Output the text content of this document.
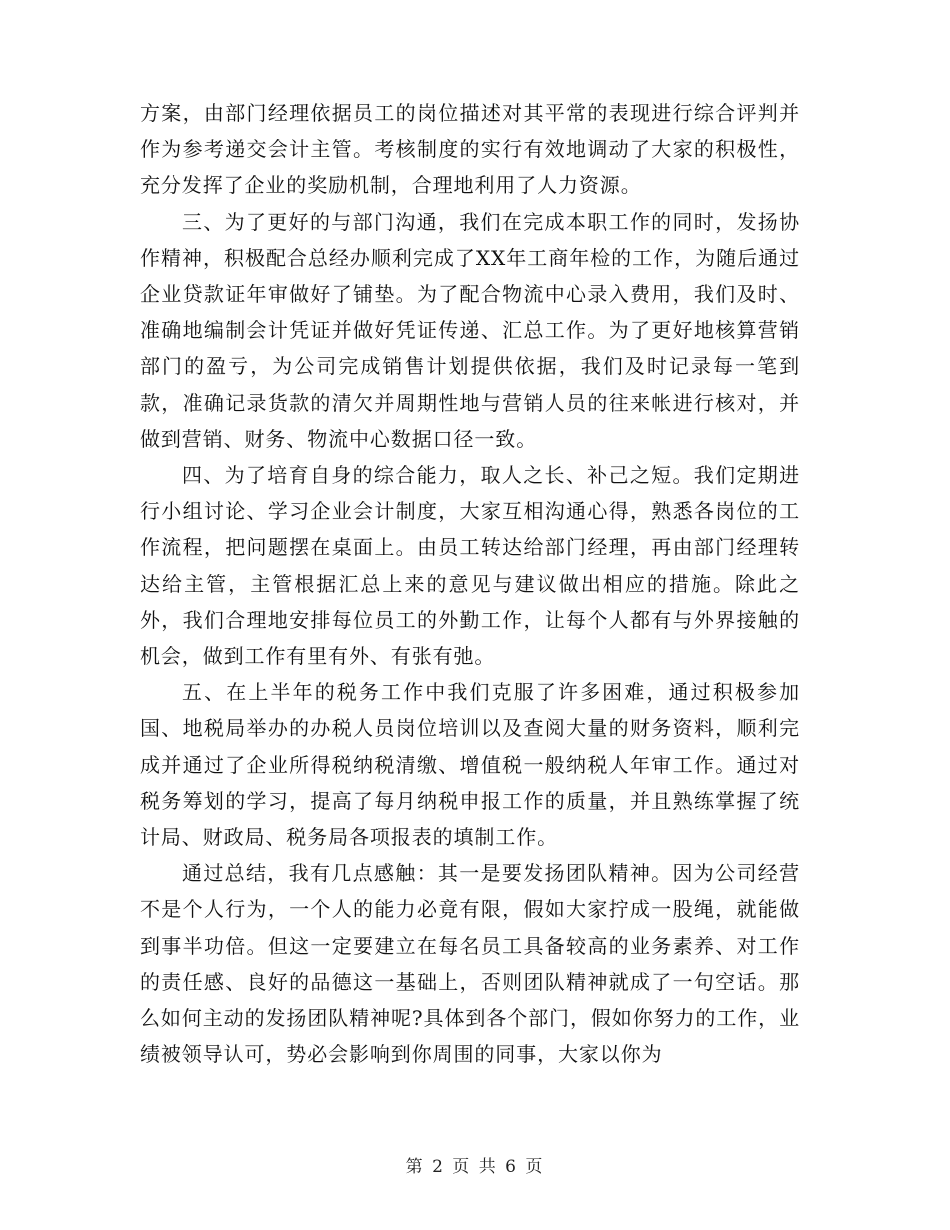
方案，由部门经理依据员工的岗位描述对其平常的表现进行综合评判并作为参考递交会计主管。考核制度的实行有效地调动了大家的积极性，充分发挥了企业的奖励机制，合理地利用了人力资源。

三、为了更好的与部门沟通，我们在完成本职工作的同时，发扬协作精神，积极配合总经办顺利完成了XX年工商年检的工作，为随后通过企业贷款证年审做好了铺垫。为了配合物流中心录入费用，我们及时、准确地编制会计凭证并做好凭证传递、汇总工作。为了更好地核算营销部门的盈亏，为公司完成销售计划提供依据，我们及时记录每一笔到款，准确记录货款的清欠并周期性地与营销人员的往来帐进行核对，并做到营销、财务、物流中心数据口径一致。

四、为了培育自身的综合能力，取人之长、补己之短。我们定期进行小组讨论、学习企业会计制度，大家互相沟通心得，熟悉各岗位的工作流程，把问题摆在桌面上。由员工转达给部门经理，再由部门经理转达给主管，主管根据汇总上来的意见与建议做出相应的措施。除此之外，我们合理地安排每位员工的外勤工作，让每个人都有与外界接触的机会，做到工作有里有外、有张有弛。

五、在上半年的税务工作中我们克服了许多困难，通过积极参加国、地税局举办的办税人员岗位培训以及查阅大量的财务资料，顺利完成并通过了企业所得税纳税清缴、增值税一般纳税人年审工作。通过对税务筹划的学习，提高了每月纳税申报工作的质量，并且熟练掌握了统计局、财政局、税务局各项报表的填制工作。

通过总结，我有几点感触：其一是要发扬团队精神。因为公司经营不是个人行为，一个人的能力必竟有限，假如大家拧成一股绳，就能做到事半功倍。但这一定要建立在每名员工具备较高的业务素养、对工作的责任感、良好的品德这一基础上，否则团队精神就成了一句空话。那么如何主动的发扬团队精神呢?具体到各个部门，假如你努力的工作，业绩被领导认可，势必会影响到你周围的同事，大家以你为

第 2 页 共 6 页
